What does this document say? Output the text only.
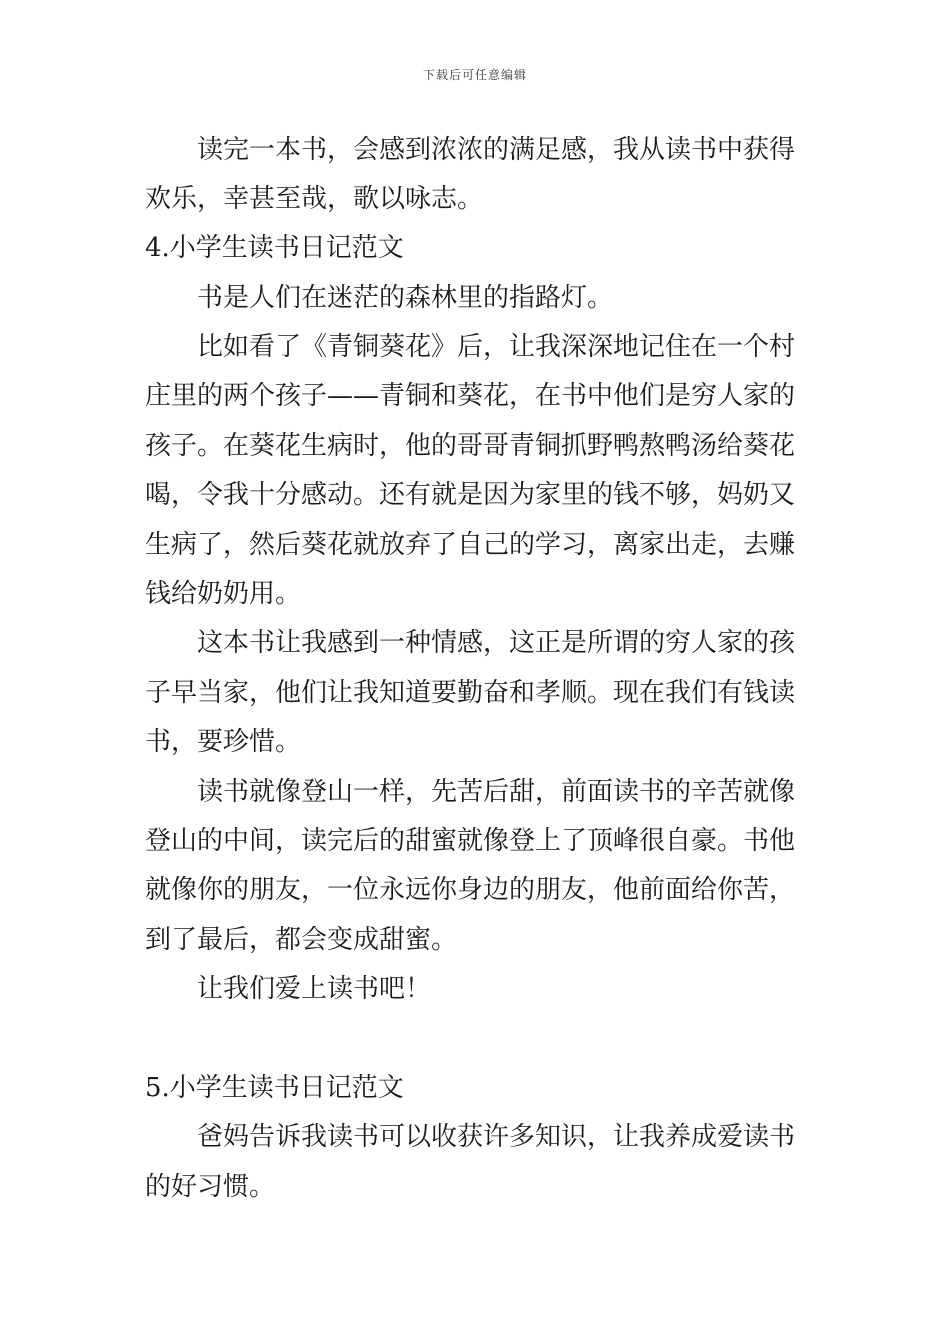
下载后可任意编辑
读完一本书，会感到浓浓的满足感，我从读书中获得
欢乐，幸甚至哉，歌以咏志。
4.小学生读书日记范文
书是人们在迷茫的森林里的指路灯。
比如看了《青铜葵花》后，让我深深地记住在一个村
庄里的两个孩子——青铜和葵花，在书中他们是穷人家的
孩子。在葵花生病时，他的哥哥青铜抓野鸭熬鸭汤给葵花
喝，令我十分感动。还有就是因为家里的钱不够，妈奶又
生病了，然后葵花就放弃了自己的学习，离家出走，去赚
钱给奶奶用。
这本书让我感到一种情感，这正是所谓的穷人家的孩
子早当家，他们让我知道要勤奋和孝顺。现在我们有钱读
书，要珍惜。
读书就像登山一样，先苦后甜，前面读书的辛苦就像
登山的中间，读完后的甜蜜就像登上了顶峰很自豪。书他
就像你的朋友，一位永远你身边的朋友，他前面给你苦，
到了最后，都会变成甜蜜。
让我们爱上读书吧！
5.小学生读书日记范文
爸妈告诉我读书可以收获许多知识，让我养成爱读书
的好习惯。
